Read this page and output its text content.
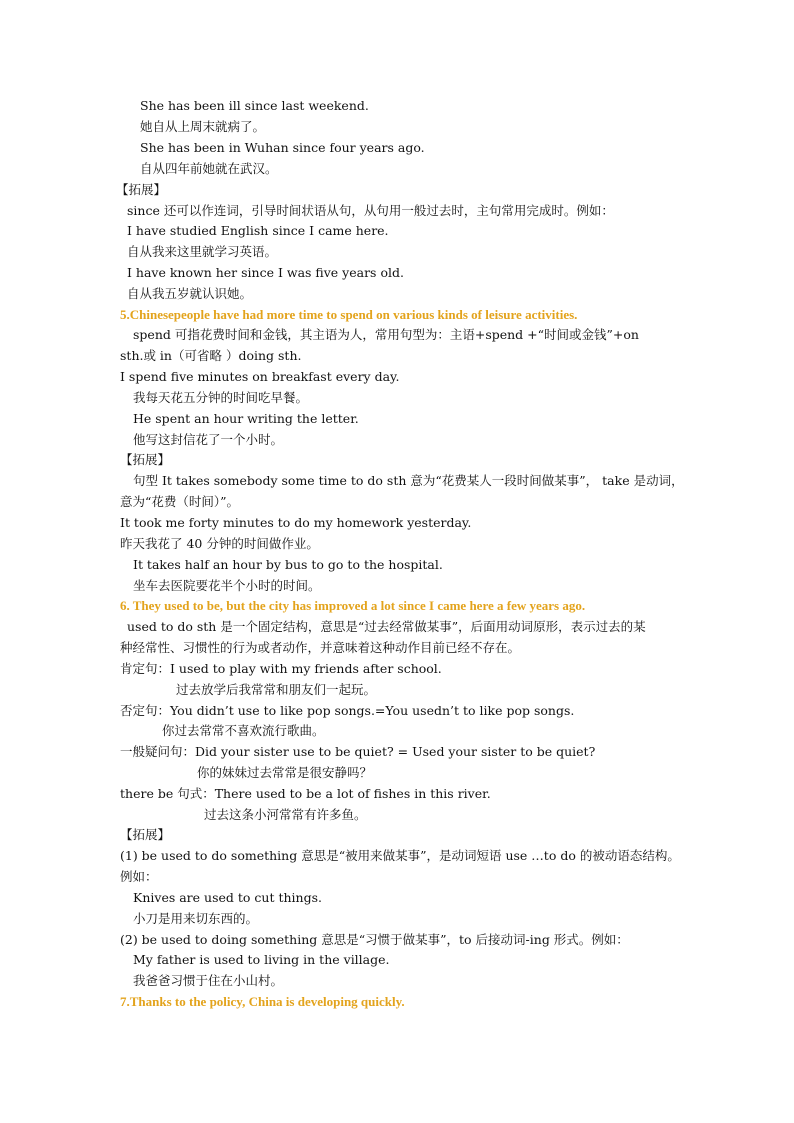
She has been ill since last weekend.
她自从上周末就病了。
She has been in Wuhan since four years ago.
自从四年前她就在武汉。
【拓展】
since 还可以作连词，引导时间状语从句，从句用一般过去时，主句常用完成时。例如：
I have studied English since I came here.
自从我来这里就学习英语。
I have known her since I was five years old.
自从我五岁就认识她。
5.Chinesepeople have had more time to spend on various kinds of leisure activities.
spend 可指花费时间和金钱，其主语为人，常用句型为：主语+spend +“时间或金钱”+on
sth.或 in（可省略 ）doing sth.
I spend five minutes on breakfast every day.
我每天花五分钟的时间吃早餐。
He spent an hour writing the letter.
他写这封信花了一个小时。
【拓展】
句型 It takes somebody some time to do sth 意为“花费某人一段时间做某事”， take 是动词，
意为“花费（时间）”。
It took me forty minutes to do my homework yesterday.
昨天我花了 40 分钟的时间做作业。
It takes half an hour by bus to go to the hospital.
坐车去医院要花半个小时的时间。
6. They used to be, but the city has improved a lot since I came here a few years ago.
used to do sth 是一个固定结构，意思是“过去经常做某事”，后面用动词原形，表示过去的某
种经常性、习惯性的行为或者动作，并意味着这种动作目前已经不存在。
肯定句：I used to play with my friends after school.
过去放学后我常常和朋友们一起玩。
否定句：You didn’t use to like pop songs.=You usedn’t to like pop songs.
你过去常常不喜欢流行歌曲。
一般疑问句：Did your sister use to be quiet? = Used your sister to be quiet?
你的妹妹过去常常是很安静吗？
there be 句式：There used to be a lot of fishes in this river.
过去这条小河常常有许多鱼。
【拓展】
(1) be used to do something 意思是“被用来做某事”，是动词短语 use …to do 的被动语态结构。
例如：
Knives are used to cut things.
小刀是用来切东西的。
(2) be used to doing something 意思是“习惯于做某事”，to 后接动词-ing 形式。例如：
My father is used to living in the village.
我爸爸习惯于住在小山村。
7.Thanks to the policy, China is developing quickly.
